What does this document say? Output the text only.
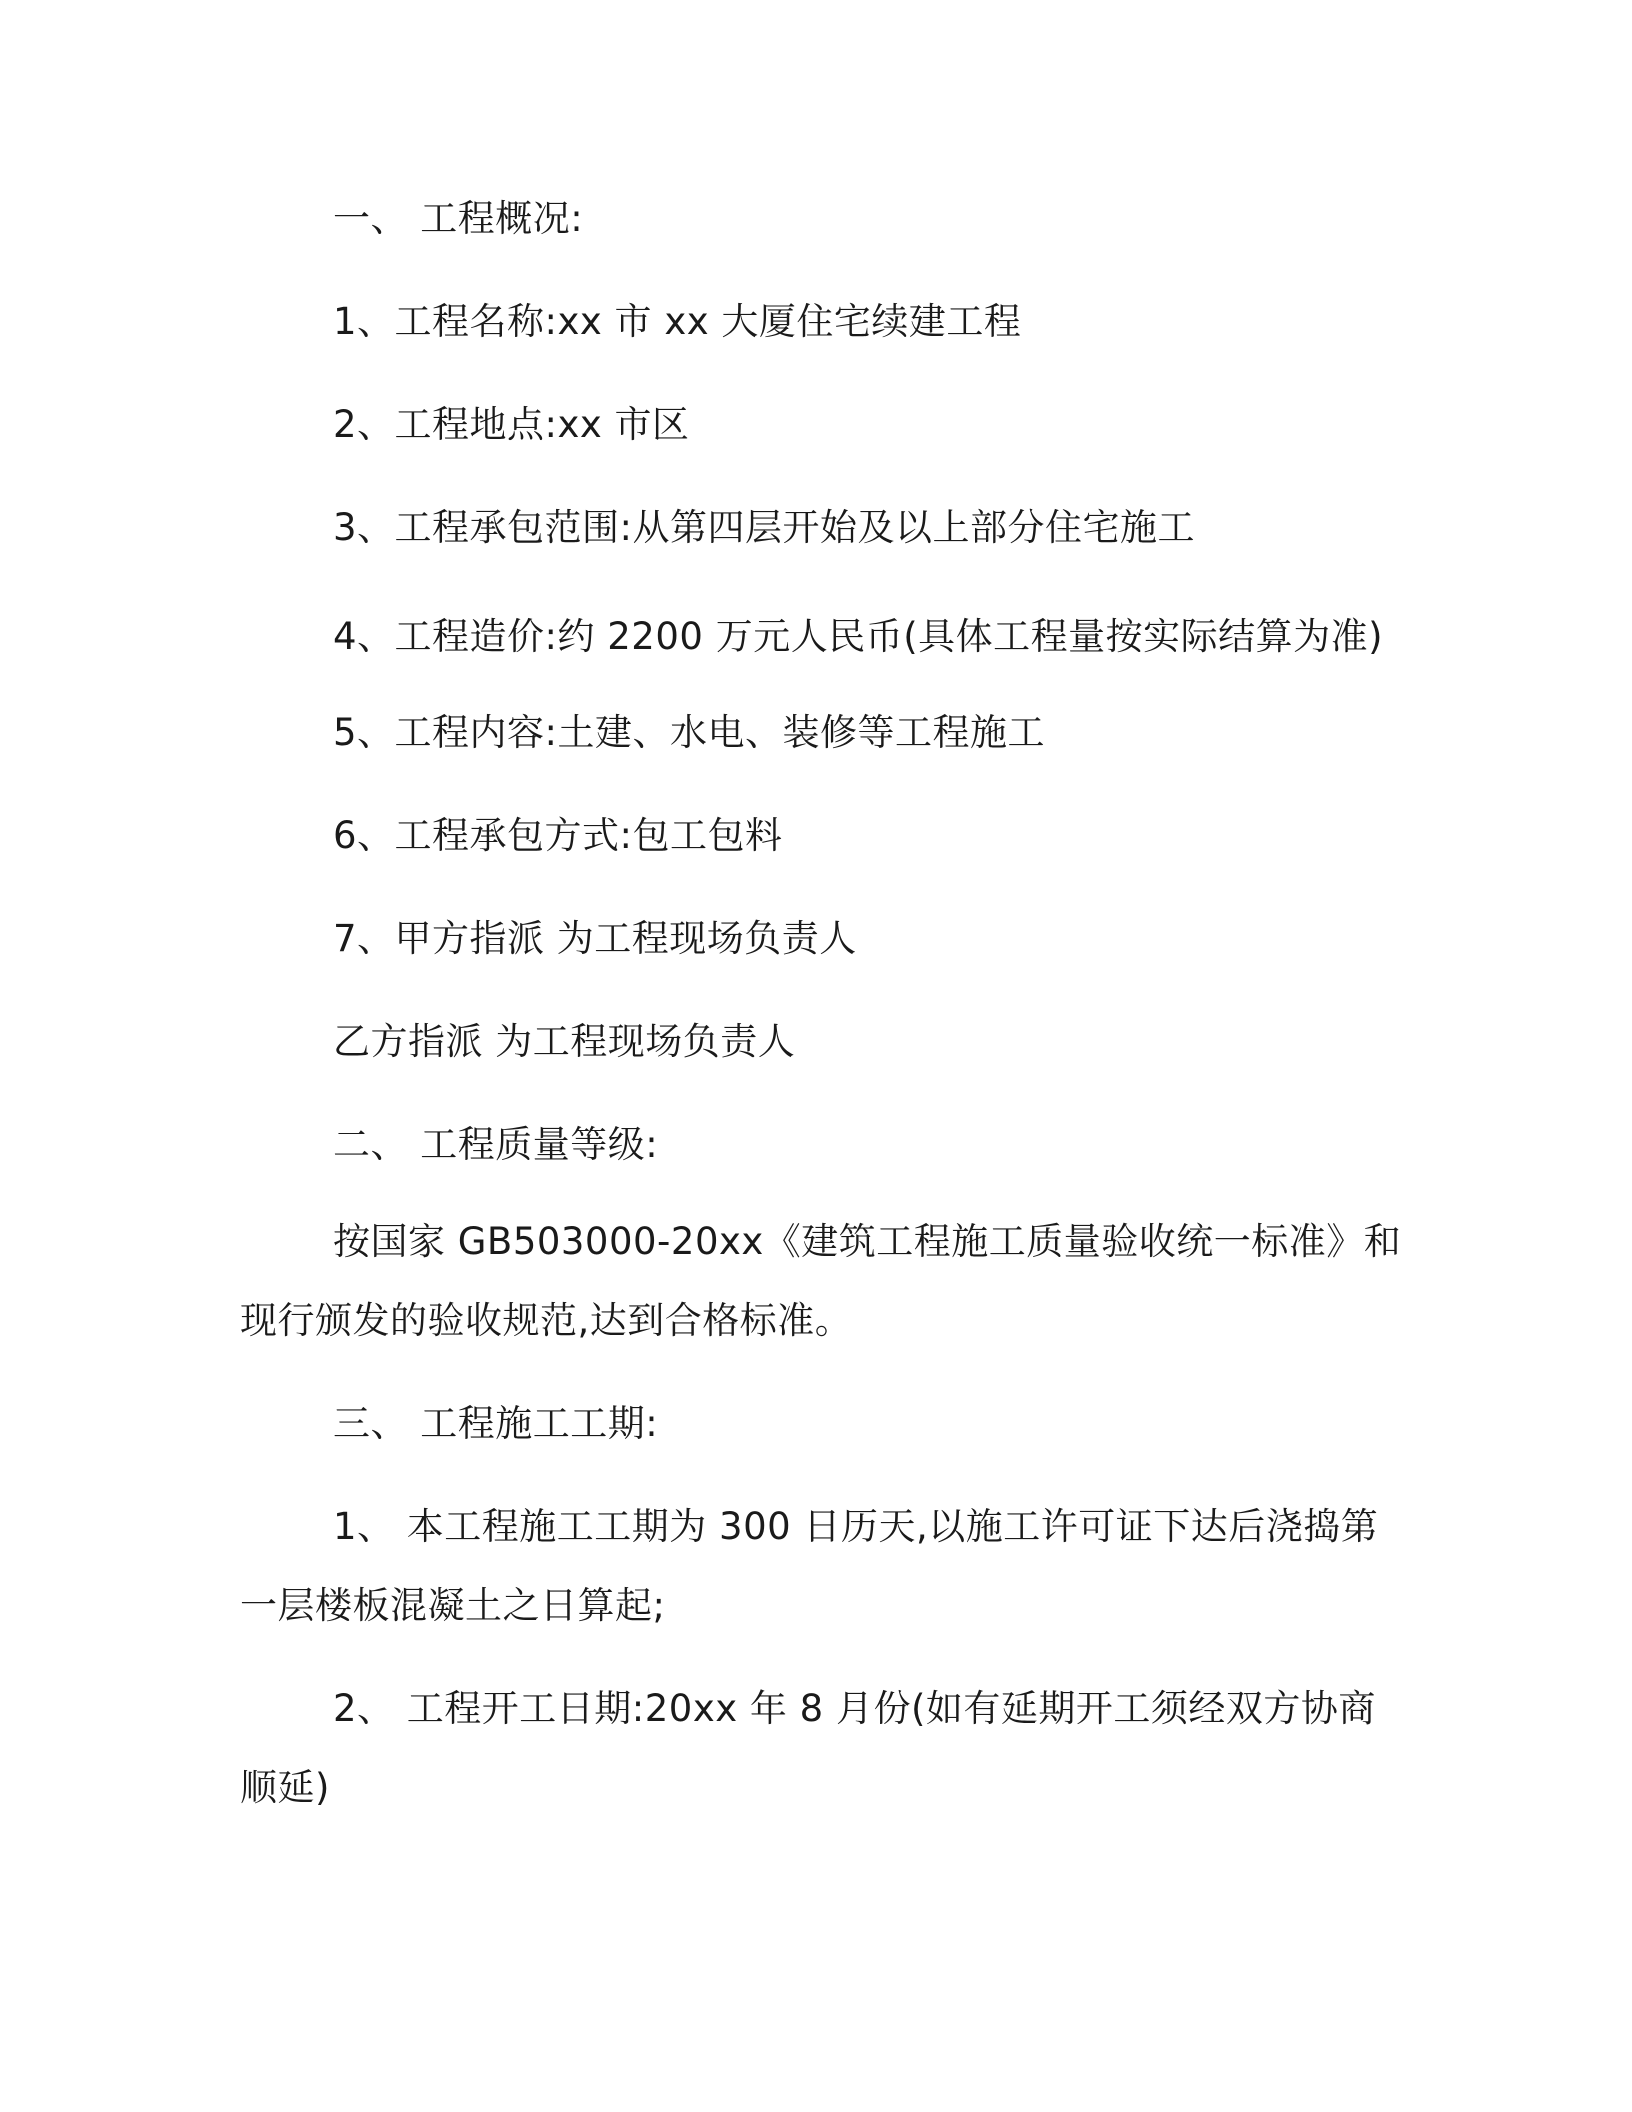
一、 工程概况:

1、工程名称:xx 市 xx 大厦住宅续建工程

2、工程地点:xx 市区

3、工程承包范围:从第四层开始及以上部分住宅施工

4、工程造价:约 2200 万元人民币(具体工程量按实际结算为准)

5、工程内容:土建、水电、装修等工程施工

6、工程承包方式:包工包料

7、甲方指派 为工程现场负责人

乙方指派 为工程现场负责人

二、 工程质量等级:

按国家 GB503000-20xx《建筑工程施工质量验收统一标准》和

现行颁发的验收规范,达到合格标准。

三、 工程施工工期:

1、 本工程施工工期为 300 日历天,以施工许可证下达后浇捣第

一层楼板混凝土之日算起;

2、 工程开工日期:20xx 年 8 月份(如有延期开工须经双方协商

顺延)
